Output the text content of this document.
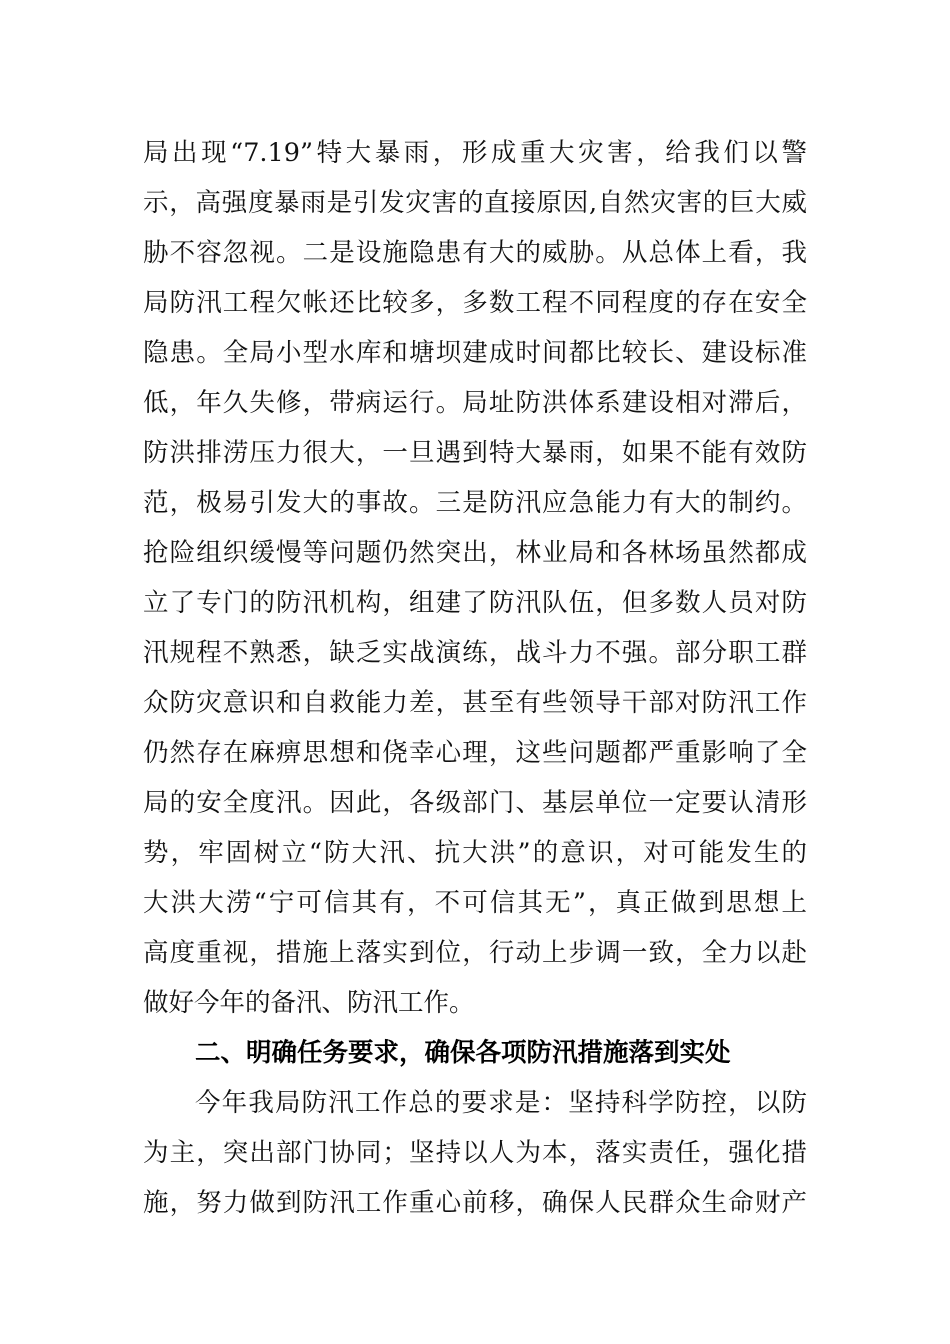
局出现“7.19”特大暴雨，形成重大灾害，给我们以警
示，高强度暴雨是引发灾害的直接原因,自然灾害的巨大威
胁不容忽视。二是设施隐患有大的威胁。从总体上看，我
局防汛工程欠帐还比较多，多数工程不同程度的存在安全
隐患。全局小型水库和塘坝建成时间都比较长、建设标准
低，年久失修，带病运行。局址防洪体系建设相对滞后，
防洪排涝压力很大，一旦遇到特大暴雨，如果不能有效防
范，极易引发大的事故。三是防汛应急能力有大的制约。
抢险组织缓慢等问题仍然突出，林业局和各林场虽然都成
立了专门的防汛机构，组建了防汛队伍，但多数人员对防
汛规程不熟悉，缺乏实战演练，战斗力不强。部分职工群
众防灾意识和自救能力差，甚至有些领导干部对防汛工作
仍然存在麻痹思想和侥幸心理，这些问题都严重影响了全
局的安全度汛。因此，各级部门、基层单位一定要认清形
势，牢固树立“防大汛、抗大洪”的意识，对可能发生的
大洪大涝“宁可信其有，不可信其无”，真正做到思想上
高度重视，措施上落实到位，行动上步调一致，全力以赴
做好今年的备汛、防汛工作。
二、明确任务要求，确保各项防汛措施落到实处
今年我局防汛工作总的要求是：坚持科学防控，以防
为主，突出部门协同；坚持以人为本，落实责任，强化措
施，努力做到防汛工作重心前移，确保人民群众生命财产
